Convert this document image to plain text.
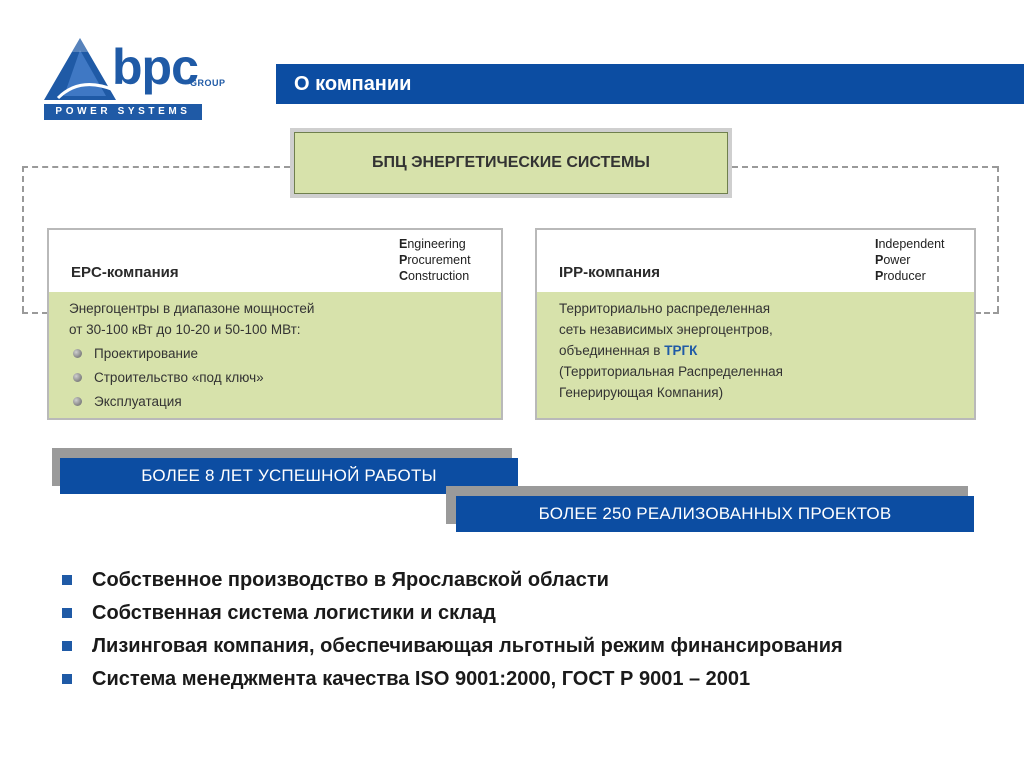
bpc
GROUP
POWER SYSTEMS
О компании
БПЦ ЭНЕРГЕТИЧЕСКИЕ СИСТЕМЫ
EPC-компания
Engineering
Procurement
Construction
Энергоцентры в диапазоне мощностей
от 30-100 кВт до 10-20 и 50-100 МВт:
Проектирование
Строительство «под ключ»
Эксплуатация
IPP-компания
Independent
Power
Producer
Территориально распределенная
сеть независимых энергоцентров,
объединенная в ТРГК
(Территориальная Распределенная
Генерирующая Компания)
БОЛЕЕ 8 ЛЕТ УСПЕШНОЙ РАБОТЫ
БОЛЕЕ 250 РЕАЛИЗОВАННЫХ ПРОЕКТОВ
Собственное производство в Ярославской области
Собственная система логистики и склад
Лизинговая компания, обеспечивающая льготный режим финансирования
Система менеджмента качества ISO 9001:2000, ГОСТ Р 9001 – 2001
